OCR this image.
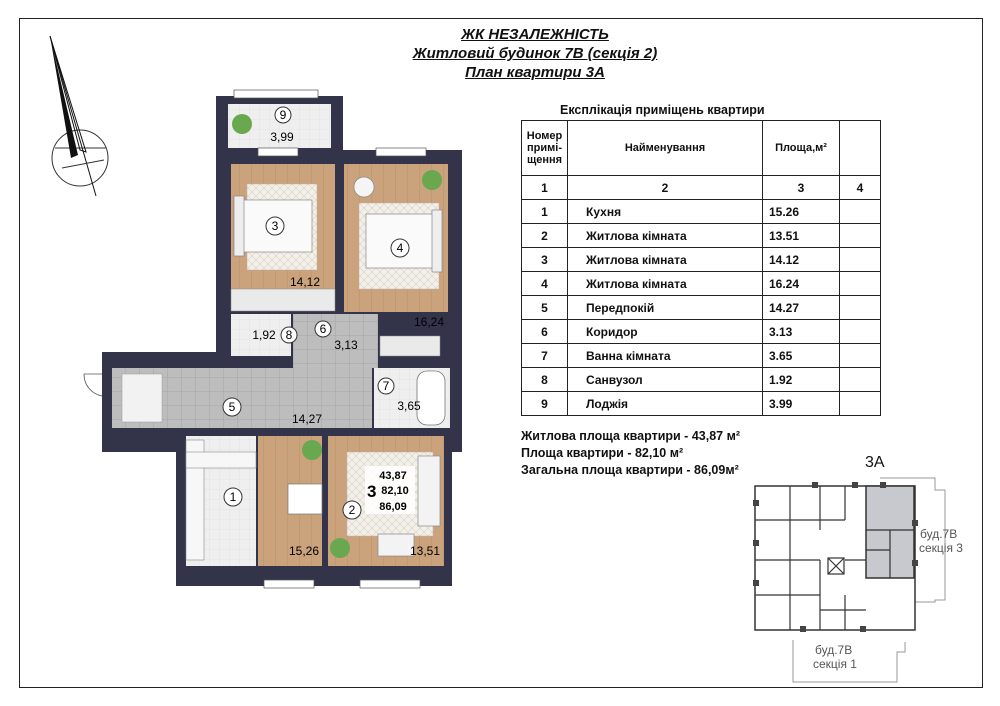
ЖК НЕЗАЛЕЖНІСТЬ
Житловий будинок 7В (секція 2)
План квартири 3А
9
3,99
3
14,12
4
16,24
8
1,92	6
3,13
7
3,65
5
14,27
1
15,26
2
13,51
3
43,87
82,10
86,09
Експлікація приміщень квартири
Номер примі-щення	Найменування	Площа,м²	
1	2	3	4
1	Кухня	15.26	
2	Житлова кімната	13.51	
3	Житлова кімната	14.12	
4	Житлова кімната	16.24	
5	Передпокій	14.27	
6	Коридор	3.13	
7	Ванна кімната	3.65	
8	Санвузол	1.92	
9	Лоджія	3.99	
Житлова площа квартири - 43,87 м²
Площа квартири - 82,10 м²
Загальна площа квартири - 86,09м²	3А
буд.7В
секція 3
буд.7В
секція 1
